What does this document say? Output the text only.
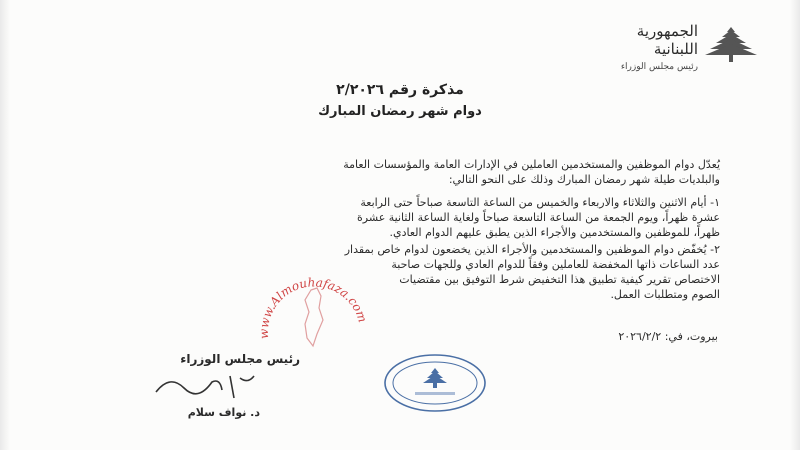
الجمهورية
اللبنانية
رئيس مجلس الوزراء
مذكرة رقم ٢/٢٠٢٦
دوام شهر رمضان المبارك
www.Almouhafaza.com

يُعدّل دوام الموظفين والمستخدمين العاملين في الإدارات العامة والمؤسسات العامة

والبلديات طيلة شهر رمضان المبارك وذلك على النحو التالي:

١- أيام الاثنين والثلاثاء والاربعاء والخميس من الساعة التاسعة صباحاً حتى الرابعة

عشرة ظهراً، ويوم الجمعة من الساعة التاسعة صباحاً ولغاية الساعة الثانية عشرة

ظهراً، للموظفين والمستخدمين والأجراء الذين يطبق عليهم الدوام العادي.

٢- يُخفّض دوام الموظفين والمستخدمين والأجراء الذين يخضعون لدوام خاص بمقدار

عدد الساعات ذاتها المخفضة للعاملين وفقاً للدوام العادي وللجهات صاحبة

الاختصاص تقرير كيفية تطبيق هذا التخفيض شرط التوفيق بين مقتضيات

الصوم ومتطلبات العمل.

بيروت، في: ٢٠٢٦/٢/٢
رئيس مجلس الوزراء
د. نواف سلام
